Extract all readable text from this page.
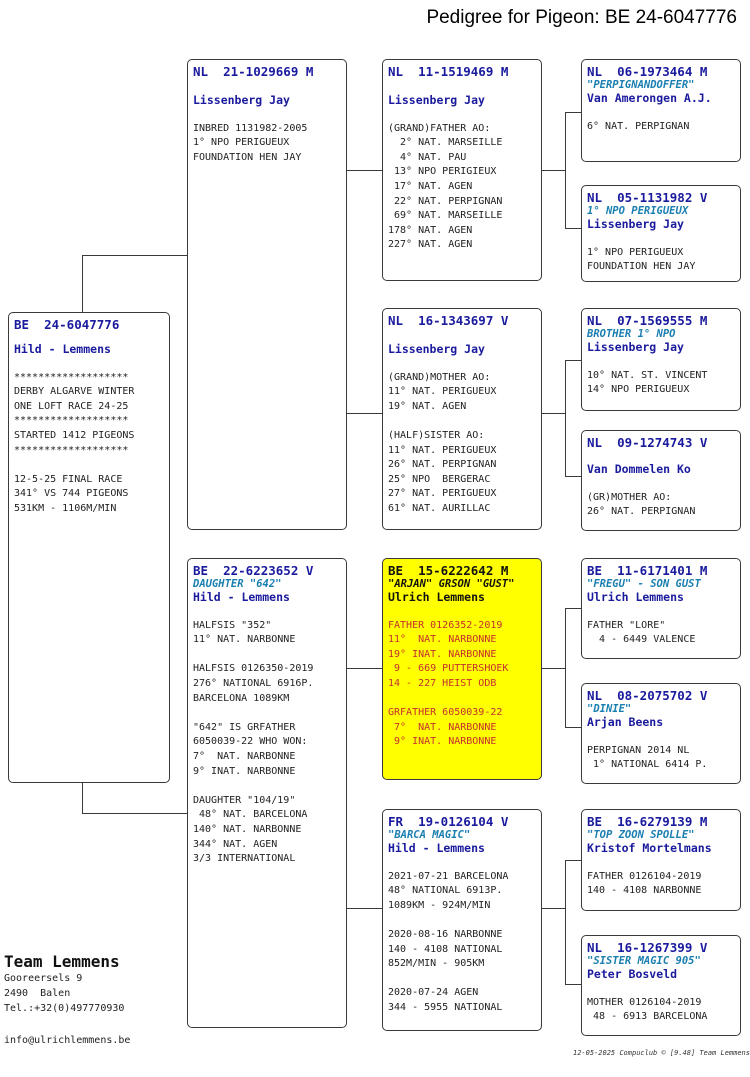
Pedigree for Pigeon: BE 24-6047776
BE  24-6047776
Hild - Lemmens

*******************
DERBY ALGARVE WINTER
ONE LOFT RACE 24-25
*******************
STARTED 1412 PIGEONS
*******************

12-5-25 FINAL RACE
341° VS 744 PIGEONS
531KM - 1106M/MIN
NL  21-1029669 M
Lissenberg Jay

INBRED 1131982-2005
1° NPO PERIGUEUX
FOUNDATION HEN JAY
BE  22-6223652 V
DAUGHTER "642"
Hild - Lemmens

HALFSIS "352"
11° NAT. NARBONNE

HALFSIS 0126350-2019
276° NATIONAL 6916P.
BARCELONA 1089KM

"642" IS GRFATHER
6050039-22 WHO WON:
7°  NAT. NARBONNE
9° INAT. NARBONNE

DAUGHTER "104/19"
48° NAT. BARCELONA
140° NAT. NARBONNE
344° NAT. AGEN
3/3 INTERNATIONAL
NL  11-1519469 M
Lissenberg Jay

(GRAND)FATHER AO:
2° NAT. MARSEILLE
4° NAT. PAU
13° NPO PERIGIEUX
17° NAT. AGEN
22° NAT. PERPIGNAN
69° NAT. MARSEILLE
178° NAT. AGEN
227° NAT. AGEN
NL  16-1343697 V
Lissenberg Jay

(GRAND)MOTHER AO:
11° NAT. PERIGUEUX
19° NAT. AGEN

(HALF)SISTER AO:
11° NAT. PERIGUEUX
26° NAT. PERPIGNAN
25° NPO  BERGERAC
27° NAT. PERIGUEUX
61° NAT. AURILLAC
BE  15-6222642 M
"ARJAN" GRSON "GUST"
Ulrich Lemmens

FATHER 0126352-2019
11°  NAT. NARBONNE
19° INAT. NARBONNE
9 - 669 PUTTERSHOEK
14 - 227 HEIST ODB

GRFATHER 6050039-22
7°  NAT. NARBONNE
9° INAT. NARBONNE
FR  19-0126104 V
"BARCA MAGIC"
Hild - Lemmens

2021-07-21 BARCELONA
48° NATIONAL 6913P.
1089KM - 924M/MIN

2020-08-16 NARBONNE
140 - 4108 NATIONAL
852M/MIN - 905KM

2020-07-24 AGEN
344 - 5955 NATIONAL
NL  06-1973464 M
"PERPIGNANDOFFER"
Van Amerongen A.J.

6° NAT. PERPIGNAN
NL  05-1131982 V
1° NPO PERIGUEUX
Lissenberg Jay

1° NPO PERIGUEUX
FOUNDATION HEN JAY
NL  07-1569555 M
BROTHER 1° NPO
Lissenberg Jay

10° NAT. ST. VINCENT
14° NPO PERIGUEUX
NL  09-1274743 V
Van Dommelen Ko

(GR)MOTHER AO:
26° NAT. PERPIGNAN
BE  11-6171401 M
"FREGU" - SON GUST
Ulrich Lemmens

FATHER "LORE"
4 - 6449 VALENCE
NL  08-2075702 V
"DINIE"
Arjan Beens

PERPIGNAN 2014 NL
1° NATIONAL 6414 P.
BE  16-6279139 M
"TOP ZOON SPOLLE"
Kristof Mortelmans

FATHER 0126104-2019
140 - 4108 NARBONNE
NL  16-1267399 V
"SISTER MAGIC 905"
Peter Bosveld

MOTHER 0126104-2019
48 - 6913 BARCELONA
Team Lemmens
Gooreersels 9
2490  Balen
Tel.:+32(0)497770930
info@ulrichlemmens.be
12-05-2025 Compuclub © [9.48] Team Lemmens
